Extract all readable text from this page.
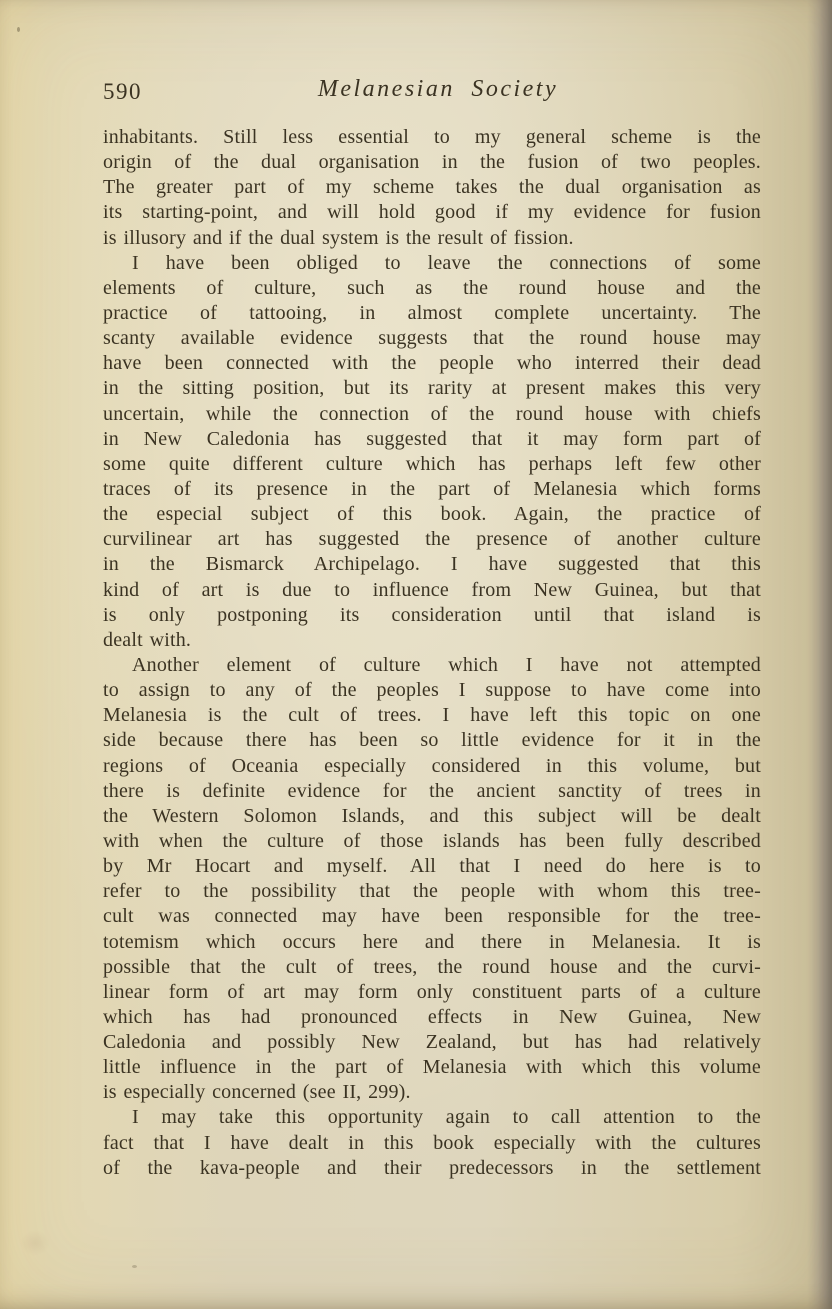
590	Melanesian Society
inhabitants. Still less essential to my general scheme is the
origin of the dual organisation in the fusion of two peoples.
The greater part of my scheme takes the dual organisation as
its starting-point, and will hold good if my evidence for fusion
is illusory and if the dual system is the result of fission.
I have been obliged to leave the connections of some
elements of culture, such as the round house and the
practice of tattooing, in almost complete uncertainty. The
scanty available evidence suggests that the round house may
have been connected with the people who interred their dead
in the sitting position, but its rarity at present makes this very
uncertain, while the connection of the round house with chiefs
in New Caledonia has suggested that it may form part of
some quite different culture which has perhaps left few other
traces of its presence in the part of Melanesia which forms
the especial subject of this book. Again, the practice of
curvilinear art has suggested the presence of another culture
in the Bismarck Archipelago. I have suggested that this
kind of art is due to influence from New Guinea, but that
is only postponing its consideration until that island is
dealt with.
Another element of culture which I have not attempted
to assign to any of the peoples I suppose to have come into
Melanesia is the cult of trees. I have left this topic on one
side because there has been so little evidence for it in the
regions of Oceania especially considered in this volume, but
there is definite evidence for the ancient sanctity of trees in
the Western Solomon Islands, and this subject will be dealt
with when the culture of those islands has been fully described
by Mr Hocart and myself. All that I need do here is to
refer to the possibility that the people with whom this tree-
cult was connected may have been responsible for the tree-
totemism which occurs here and there in Melanesia. It is
possible that the cult of trees, the round house and the curvi-
linear form of art may form only constituent parts of a culture
which has had pronounced effects in New Guinea, New
Caledonia and possibly New Zealand, but has had relatively
little influence in the part of Melanesia with which this volume
is especially concerned (see II, 299).
I may take this opportunity again to call attention to the
fact that I have dealt in this book especially with the cultures
of the kava-people and their predecessors in the settlement
